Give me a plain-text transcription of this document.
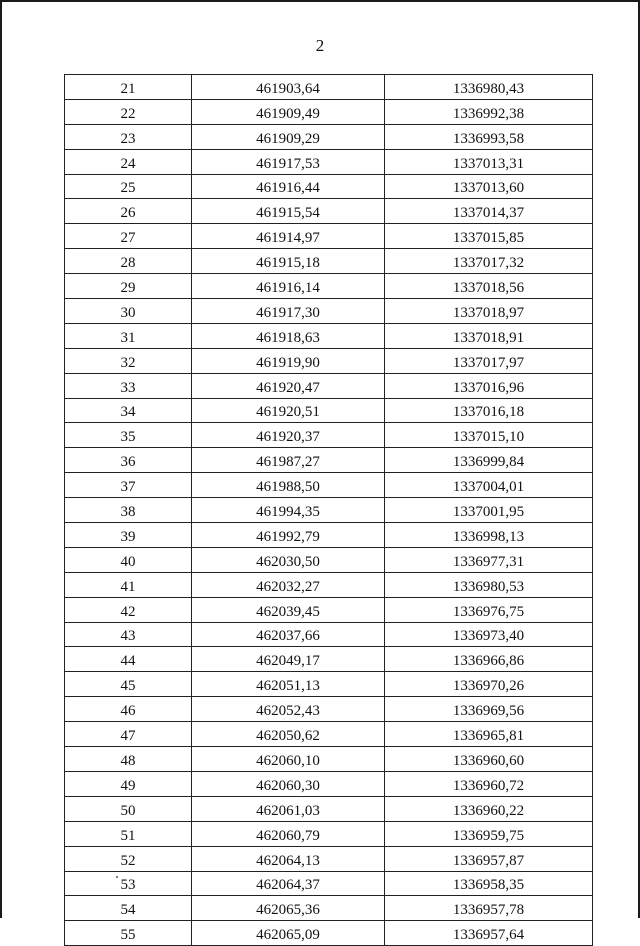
2
21	461903,64	1336980,43
22	461909,49	1336992,38
23	461909,29	1336993,58
24	461917,53	1337013,31
25	461916,44	1337013,60
26	461915,54	1337014,37
27	461914,97	1337015,85
28	461915,18	1337017,32
29	461916,14	1337018,56
30	461917,30	1337018,97
31	461918,63	1337018,91
32	461919,90	1337017,97
33	461920,47	1337016,96
34	461920,51	1337016,18
35	461920,37	1337015,10
36	461987,27	1336999,84
37	461988,50	1337004,01
38	461994,35	1337001,95
39	461992,79	1336998,13
40	462030,50	1336977,31
41	462032,27	1336980,53
42	462039,45	1336976,75
43	462037,66	1336973,40
44	462049,17	1336966,86
45	462051,13	1336970,26
46	462052,43	1336969,56
47	462050,62	1336965,81
48	462060,10	1336960,60
49	462060,30	1336960,72
50	462061,03	1336960,22
51	462060,79	1336959,75
52	462064,13	1336957,87
53	462064,37	1336958,35
54	462065,36	1336957,78
55	462065,09	1336957,64
